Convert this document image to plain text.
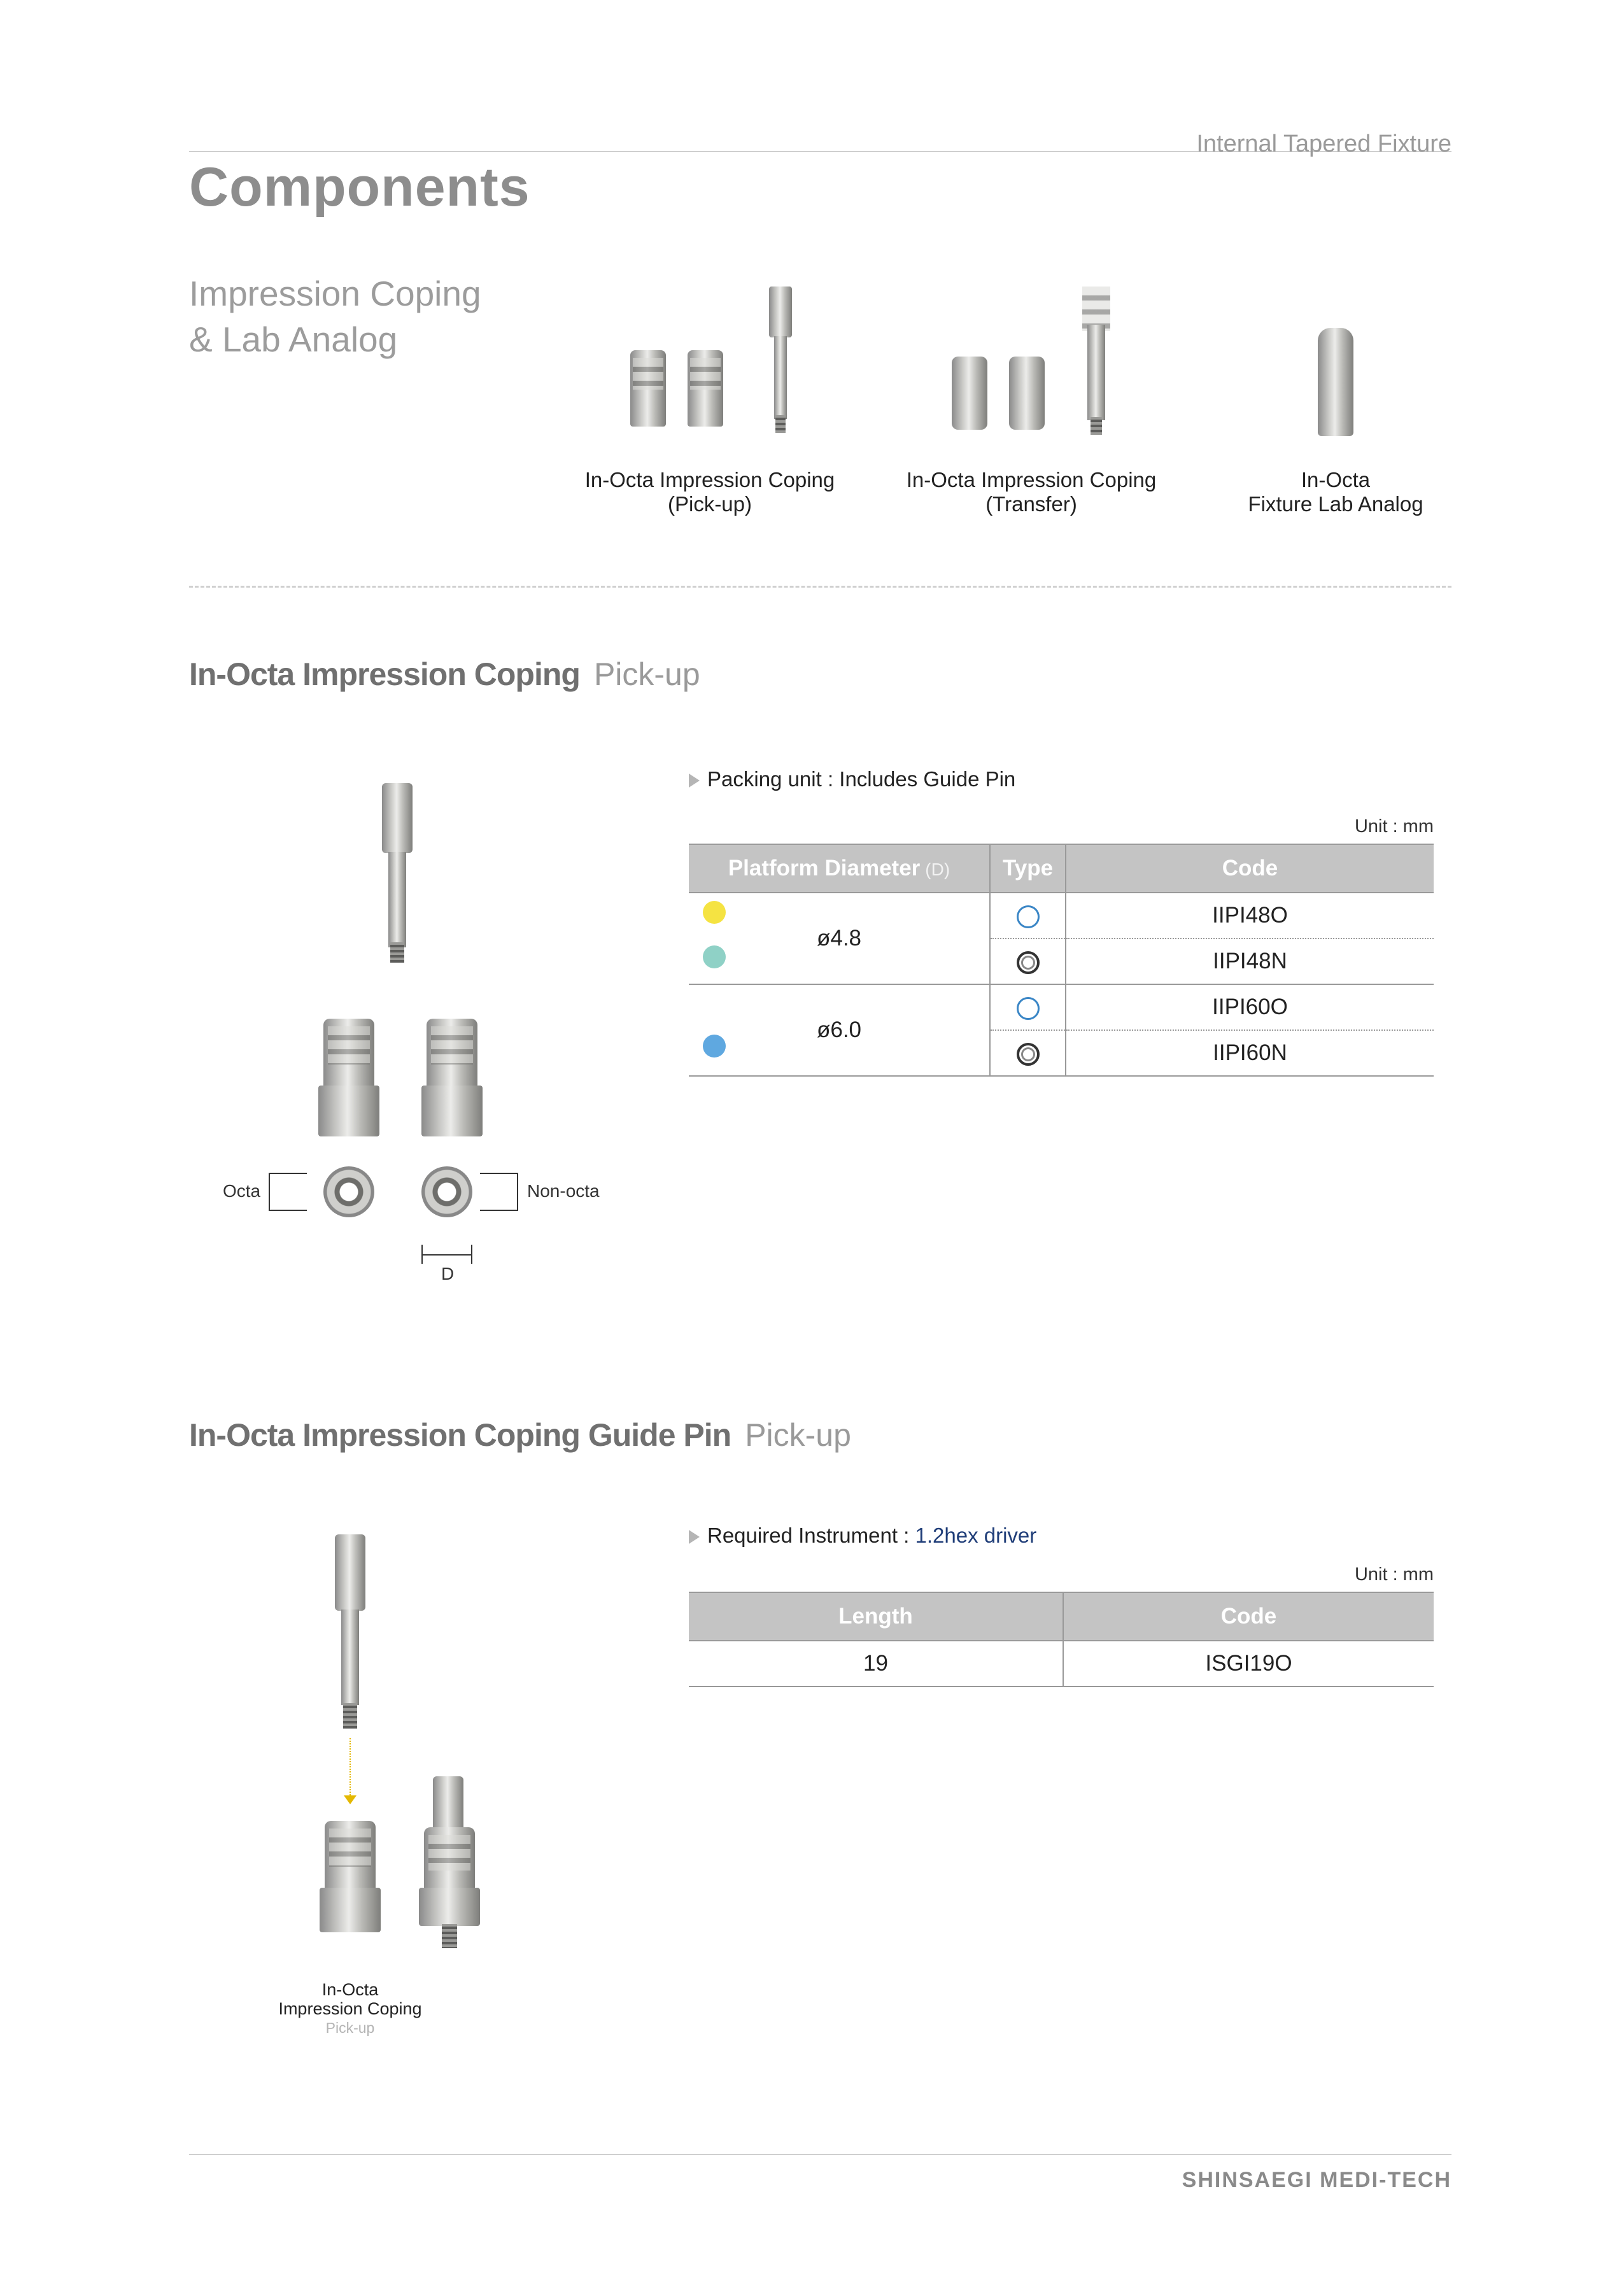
Internal Tapered Fixture
Components
Impression Coping
& Lab Analog
In-Octa Impression Coping
(Pick-up)
In-Octa Impression Coping
(Transfer)
In-Octa
Fixture Lab Analog
In-Octa Impression Coping Pick-up
Octa	Non-octa
D
Packing unit : Includes Guide Pin
Unit : mm
Platform Diameter (D)	Type	Code
ø4.8		IIPI48O
		IIPI48N
ø6.0		IIPI60O
		IIPI60N
In-Octa Impression Coping Guide Pin Pick-up
In-Octa
Impression Coping
Pick-up
Required Instrument : 1.2hex driver
Unit : mm
Length	Code
19	ISGI19O
SHINSAEGI MEDI-TECH
